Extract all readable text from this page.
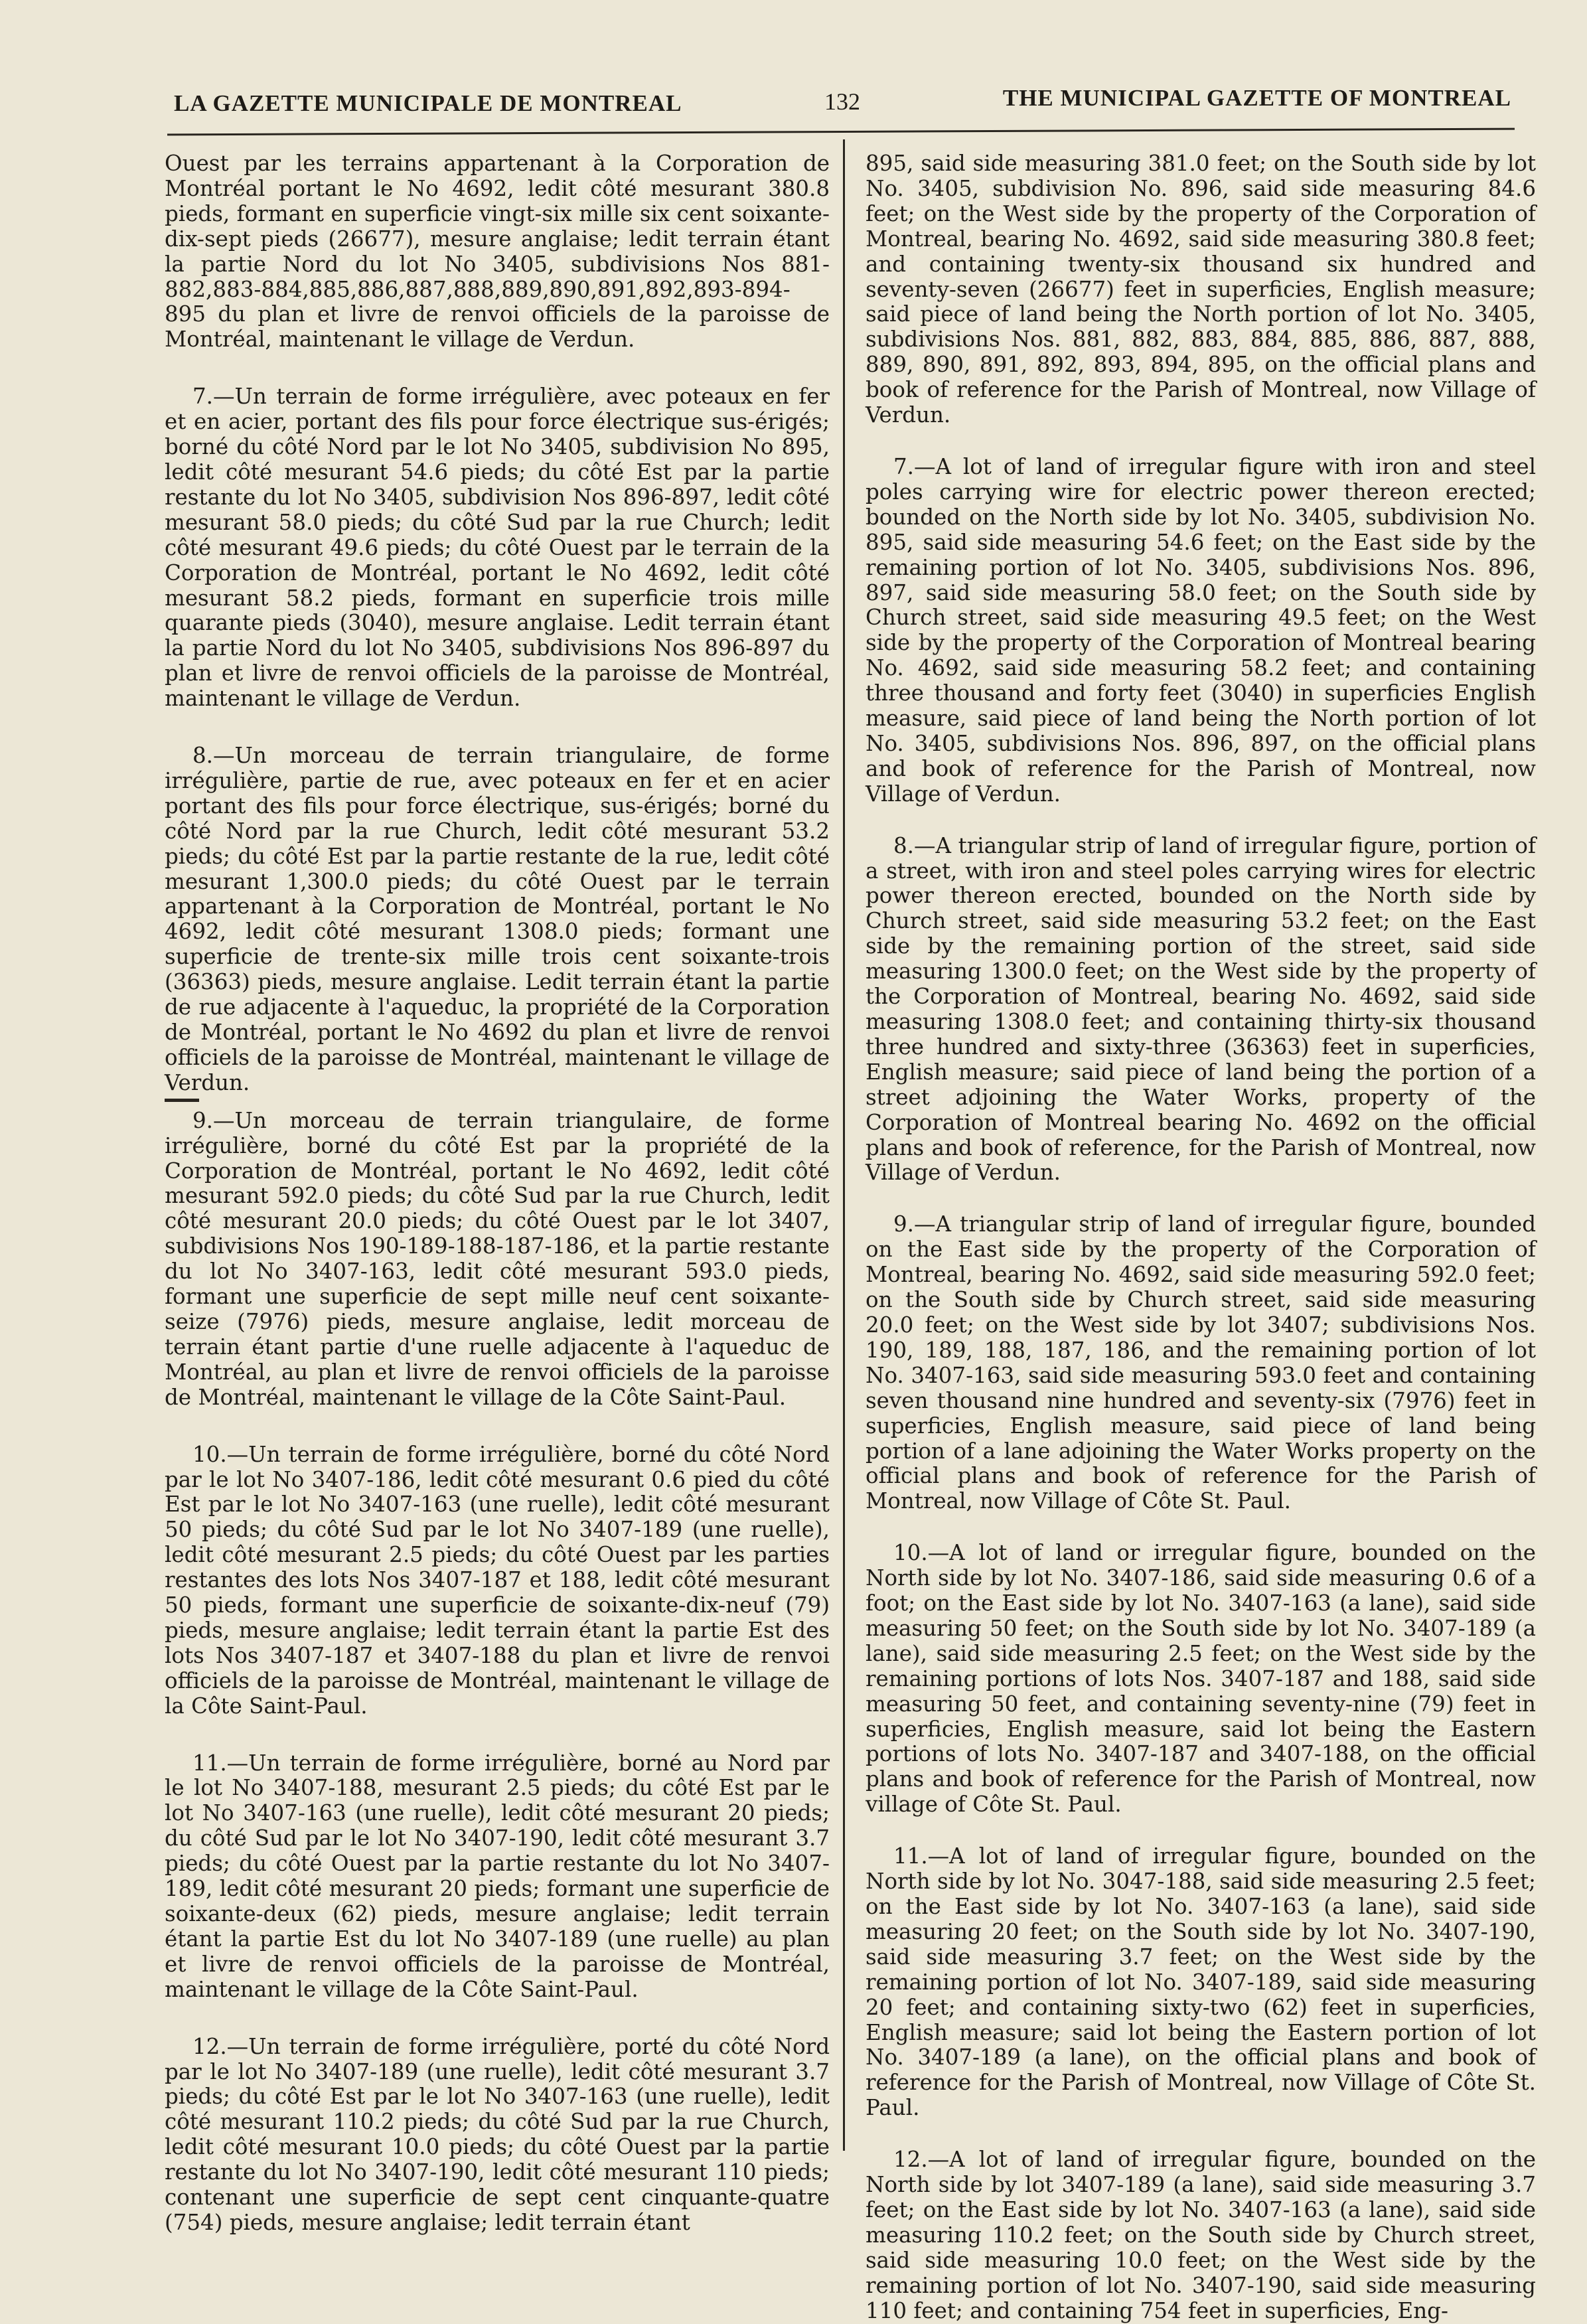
LA GAZETTE MUNICIPALE DE MONTREAL	132	THE MUNICIPAL GAZETTE OF MONTREAL

Ouest par les terrains appartenant à la Corporation de Montréal portant le No 4692, ledit côté mesurant 380.8 pieds, formant en superficie vingt-six mille six cent soixante-dix-sept pieds (26677), mesure anglaise; ledit terrain étant la partie Nord du lot No 3405, subdivisions Nos 881-882,883-884,885,886,887,888,889,890,891,892,893-894-895 du plan et livre de renvoi officiels de la paroisse de Montréal, maintenant le village de Verdun.

7.—Un terrain de forme irrégulière, avec poteaux en fer et en acier, portant des fils pour force électrique sus-érigés; borné du côté Nord par le lot No 3405, subdivision No 895, ledit côté mesurant 54.6 pieds; du côté Est par la partie restante du lot No 3405, subdivision Nos 896-897, ledit côté mesurant 58.0 pieds; du côté Sud par la rue Church; ledit côté mesurant 49.6 pieds; du côté Ouest par le terrain de la Corporation de Montréal, portant le No 4692, ledit côté mesurant 58.2 pieds, formant en superficie trois mille quarante pieds (3040), mesure anglaise. Ledit terrain étant la partie Nord du lot No 3405, subdivisions Nos 896-897 du plan et livre de renvoi officiels de la paroisse de Montréal, maintenant le village de Verdun.

8.—Un morceau de terrain triangulaire, de forme irrégulière, partie de rue, avec poteaux en fer et en acier portant des fils pour force électrique, sus-érigés; borné du côté Nord par la rue Church, ledit côté mesurant 53.2 pieds; du côté Est par la partie restante de la rue, ledit côté mesurant 1,300.0 pieds; du côté Ouest par le terrain appartenant à la Corporation de Montréal, portant le No 4692, ledit côté mesurant 1308.0 pieds; formant une superficie de trente-six mille trois cent soixante-trois (36363) pieds, mesure anglaise. Ledit terrain étant la partie de rue adjacente à l'aqueduc, la propriété de la Corporation de Montréal, portant le No 4692 du plan et livre de renvoi officiels de la paroisse de Montréal, maintenant le village de Verdun.

9.—Un morceau de terrain triangulaire, de forme irrégulière, borné du côté Est par la propriété de la Corporation de Montréal, portant le No 4692, ledit côté mesurant 592.0 pieds; du côté Sud par la rue Church, ledit côté mesurant 20.0 pieds; du côté Ouest par le lot 3407, subdivisions Nos 190-189-188-187-186, et la partie restante du lot No 3407-163, ledit côté mesurant 593.0 pieds, formant une superficie de sept mille neuf cent soixante-seize (7976) pieds, mesure anglaise, ledit morceau de terrain étant partie d'une ruelle adjacente à l'aqueduc de Montréal, au plan et livre de renvoi officiels de la paroisse de Montréal, maintenant le village de la Côte Saint-Paul.

10.—Un terrain de forme irrégulière, borné du côté Nord par le lot No 3407-186, ledit côté mesurant 0.6 pied du côté Est par le lot No 3407-163 (une ruelle), ledit côté mesurant 50 pieds; du côté Sud par le lot No 3407-189 (une ruelle), ledit côté mesurant 2.5 pieds; du côté Ouest par les parties restantes des lots Nos 3407-187 et 188, ledit côté mesurant 50 pieds, formant une superficie de soixante-dix-neuf (79) pieds, mesure anglaise; ledit terrain étant la partie Est des lots Nos 3407-187 et 3407-188 du plan et livre de renvoi officiels de la paroisse de Montréal, maintenant le village de la Côte Saint-Paul.

11.—Un terrain de forme irrégulière, borné au Nord par le lot No 3407-188, mesurant 2.5 pieds; du côté Est par le lot No 3407-163 (une ruelle), ledit côté mesurant 20 pieds; du côté Sud par le lot No 3407-190, ledit côté mesurant 3.7 pieds; du côté Ouest par la partie restante du lot No 3407-189, ledit côté mesurant 20 pieds; formant une superficie de soixante-deux (62) pieds, mesure anglaise; ledit terrain étant la partie Est du lot No 3407-189 (une ruelle) au plan et livre de renvoi officiels de la paroisse de Montréal, maintenant le village de la Côte Saint-Paul.

12.—Un terrain de forme irrégulière, porté du côté Nord par le lot No 3407-189 (une ruelle), ledit côté mesurant 3.7 pieds; du côté Est par le lot No 3407-163 (une ruelle), ledit côté mesurant 110.2 pieds; du côté Sud par la rue Church, ledit côté mesurant 10.0 pieds; du côté Ouest par la partie restante du lot No 3407-190, ledit côté mesurant 110 pieds; contenant une superficie de sept cent cinquante-quatre (754) pieds, mesure anglaise; ledit terrain étant

895, said side measuring 381.0 feet; on the South side by lot No. 3405, subdivision No. 896, said side measuring 84.6 feet; on the West side by the property of the Corporation of Montreal, bearing No. 4692, said side measuring 380.8 feet; and containing twenty-six thousand six hundred and seventy-seven (26677) feet in superficies, English measure; said piece of land being the North portion of lot No. 3405, subdivisions Nos. 881, 882, 883, 884, 885, 886, 887, 888, 889, 890, 891, 892, 893, 894, 895, on the official plans and book of reference for the Parish of Montreal, now Village of Verdun.

7.—A lot of land of irregular figure with iron and steel poles carrying wire for electric power thereon erected; bounded on the North side by lot No. 3405, subdivision No. 895, said side measuring 54.6 feet; on the East side by the remaining portion of lot No. 3405, subdivisions Nos. 896, 897, said side measuring 58.0 feet; on the South side by Church street, said side measuring 49.5 feet; on the West side by the property of the Corporation of Montreal bearing No. 4692, said side measuring 58.2 feet; and containing three thousand and forty feet (3040) in superficies English measure, said piece of land being the North portion of lot No. 3405, subdivisions Nos. 896, 897, on the official plans and book of reference for the Parish of Montreal, now Village of Verdun.

8.—A triangular strip of land of irregular figure, portion of a street, with iron and steel poles carrying wires for electric power thereon erected, bounded on the North side by Church street, said side measuring 53.2 feet; on the East side by the remaining portion of the street, said side measuring 1300.0 feet; on the West side by the property of the Corporation of Montreal, bearing No. 4692, said side measuring 1308.0 feet; and containing thirty-six thousand three hundred and sixty-three (36363) feet in superficies, English measure; said piece of land being the portion of a street adjoining the Water Works, property of the Corporation of Montreal bearing No. 4692 on the official plans and book of reference, for the Parish of Montreal, now Village of Verdun.

9.—A triangular strip of land of irregular figure, bounded on the East side by the property of the Corporation of Montreal, bearing No. 4692, said side measuring 592.0 feet; on the South side by Church street, said side measuring 20.0 feet; on the West side by lot 3407; subdivisions Nos. 190, 189, 188, 187, 186, and the remaining portion of lot No. 3407-163, said side measuring 593.0 feet and containing seven thousand nine hundred and seventy-six (7976) feet in superficies, English measure, said piece of land being portion of a lane adjoining the Water Works property on the official plans and book of reference for the Parish of Montreal, now Village of Côte St. Paul.

10.—A lot of land or irregular figure, bounded on the North side by lot No. 3407-186, said side measuring 0.6 of a foot; on the East side by lot No. 3407-163 (a lane), said side measuring 50 feet; on the South side by lot No. 3407-189 (a lane), said side measuring 2.5 feet; on the West side by the remaining portions of lots Nos. 3407-187 and 188, said side measuring 50 feet, and containing seventy-nine (79) feet in superficies, English measure, said lot being the Eastern portions of lots No. 3407-187 and 3407-188, on the official plans and book of reference for the Parish of Montreal, now village of Côte St. Paul.

11.—A lot of land of irregular figure, bounded on the North side by lot No. 3047-188, said side measuring 2.5 feet; on the East side by lot No. 3407-163 (a lane), said side measuring 20 feet; on the South side by lot No. 3407-190, said side measuring 3.7 feet; on the West side by the remaining portion of lot No. 3407-189, said side measuring 20 feet; and containing sixty-two (62) feet in superficies, English measure; said lot being the Eastern portion of lot No. 3407-189 (a lane), on the official plans and book of reference for the Parish of Montreal, now Village of Côte St. Paul.

12.—A lot of land of irregular figure, bounded on the North side by lot 3407-189 (a lane), said side measuring 3.7 feet; on the East side by lot No. 3407-163 (a lane), said side measuring 110.2 feet; on the South side by Church street, said side measuring 10.0 feet; on the West side by the remaining portion of lot No. 3407-190, said side measuring 110 feet; and containing 754 feet in superficies, Eng-
